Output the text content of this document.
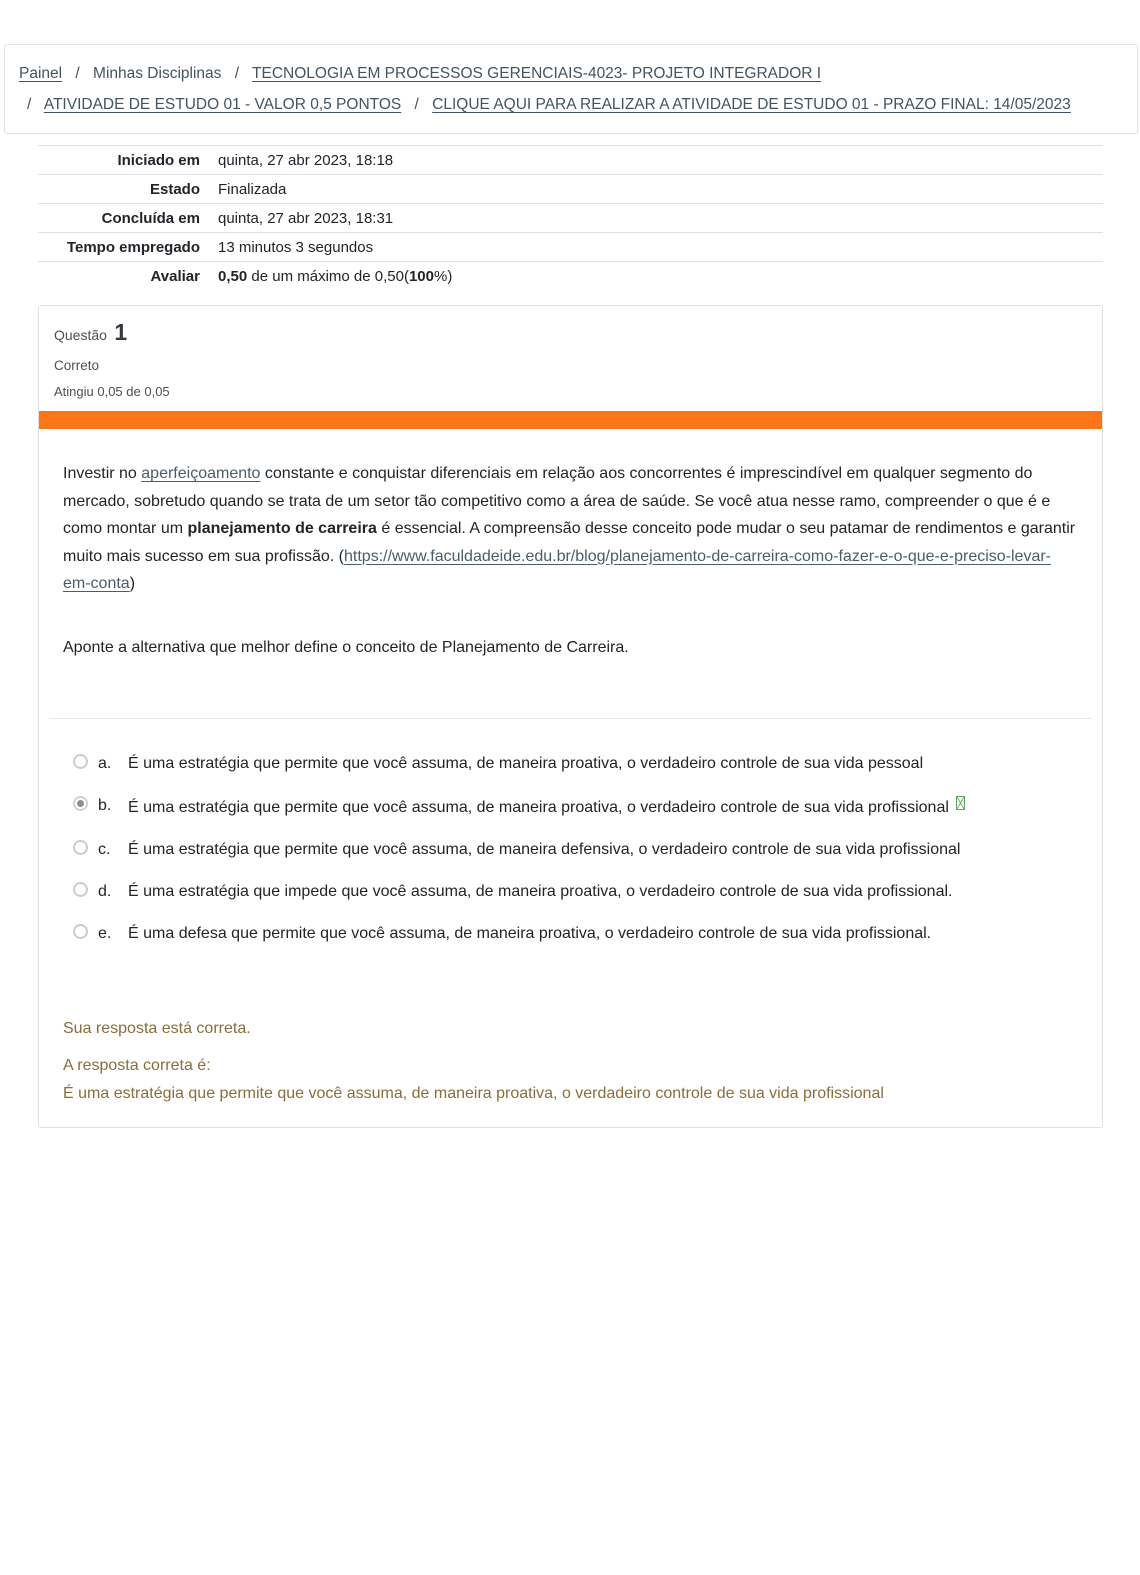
Painel / Minhas Disciplinas / TECNOLOGIA EM PROCESSOS GERENCIAIS-4023- PROJETO INTEGRADOR I
/ ATIVIDADE DE ESTUDO 01 - VALOR 0,5 PONTOS / CLIQUE AQUI PARA REALIZAR A ATIVIDADE DE ESTUDO 01 - PRAZO FINAL: 14/05/2023
Iniciado em	quinta, 27 abr 2023, 18:18
Estado	Finalizada
Concluída em	quinta, 27 abr 2023, 18:31
Tempo empregado	13 minutos 3 segundos
Avaliar	0,50 de um máximo de 0,50(100%)
Questão 1
Correto
Atingiu 0,05 de 0,05

Investir no aperfeiçoamento constante e conquistar diferenciais em relação aos concorrentes é imprescindível em qualquer segmento do mercado, sobretudo quando se trata de um setor tão competitivo como a área de saúde. Se você atua nesse ramo, compreender o que é e como montar um planejamento de carreira é essencial. A compreensão desse conceito pode mudar o seu patamar de rendimentos e garantir muito mais sucesso em sua profissão. (https://www.faculdadeide.edu.br/blog/planejamento-de-carreira-como-fazer-e-o-que-e-preciso-levar-em-conta)

Aponte a alternativa que melhor define o conceito de Planejamento de Carreira.

a.	É uma estratégia que permite que você assuma, de maneira proativa, o verdadeiro controle de sua vida pessoal
b.	É uma estratégia que permite que você assuma, de maneira proativa, o verdadeiro controle de sua vida profissional
c.	É uma estratégia que permite que você assuma, de maneira defensiva, o verdadeiro controle de sua vida profissional
d.	É uma estratégia que impede que você assuma, de maneira proativa, o verdadeiro controle de sua vida profissional.
e.	É uma defesa que permite que você assuma, de maneira proativa, o verdadeiro controle de sua vida profissional.
Sua resposta está correta.
A resposta correta é:
É uma estratégia que permite que você assuma, de maneira proativa, o verdadeiro controle de sua vida profissional
